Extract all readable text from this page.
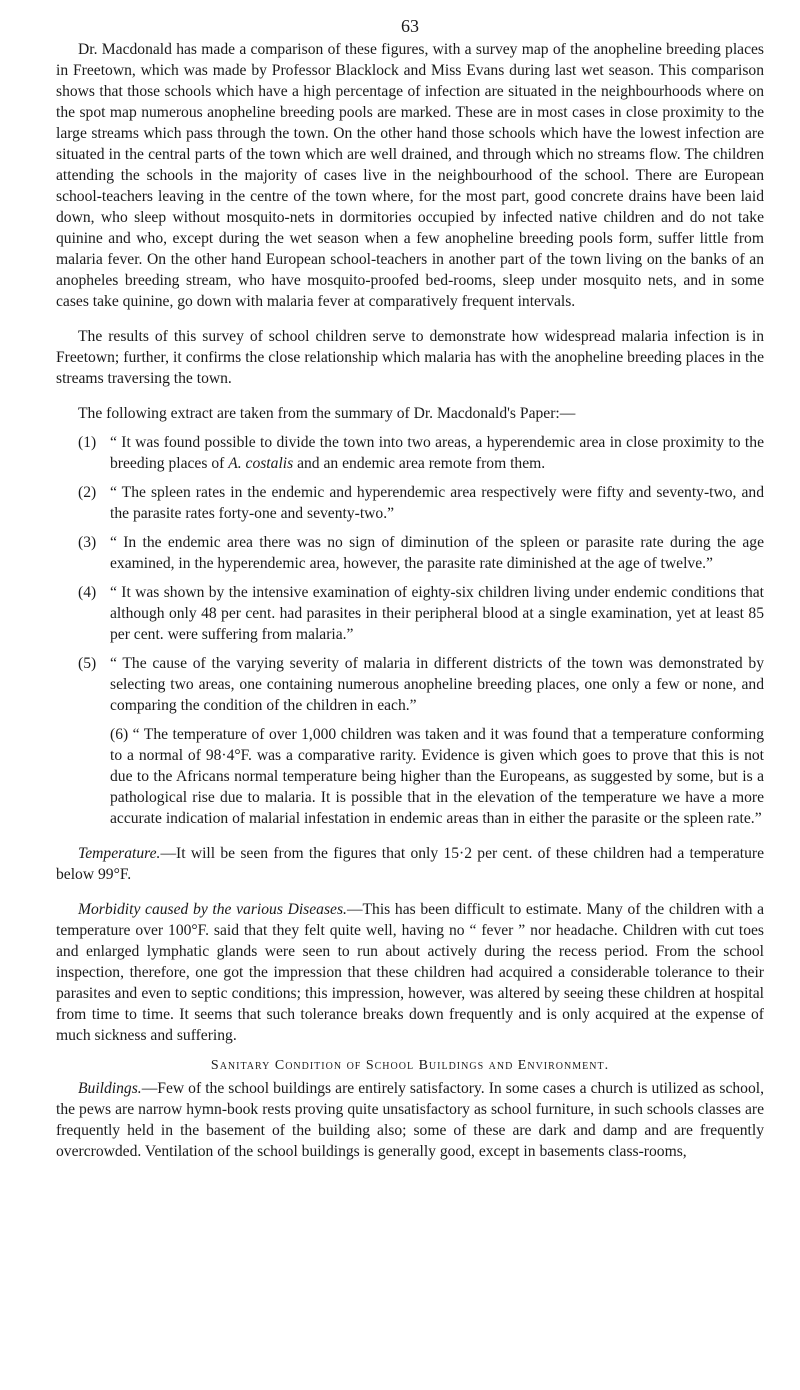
63

Dr. Macdonald has made a comparison of these figures, with a survey map of the anopheline breeding places in Freetown, which was made by Professor Blacklock and Miss Evans during last wet season. This comparison shows that those schools which have a high percentage of infection are situated in the neighbourhoods where on the spot map numerous anopheline breeding pools are marked. These are in most cases in close proximity to the large streams which pass through the town. On the other hand those schools which have the lowest infection are situated in the central parts of the town which are well drained, and through which no streams flow. The children attending the schools in the majority of cases live in the neighbourhood of the school. There are European school-teachers leaving in the centre of the town where, for the most part, good concrete drains have been laid down, who sleep without mosquito-nets in dormitories occupied by infected native children and do not take quinine and who, except during the wet season when a few anopheline breeding pools form, suffer little from malaria fever. On the other hand European school-teachers in another part of the town living on the banks of an anopheles breeding stream, who have mosquito-proofed bed-rooms, sleep under mosquito nets, and in some cases take quinine, go down with malaria fever at comparatively frequent intervals.

The results of this survey of school children serve to demonstrate how widespread malaria infection is in Freetown; further, it confirms the close relationship which malaria has with the anopheline breeding places in the streams traversing the town.

The following extract are taken from the summary of Dr. Macdonald's Paper:—

(1) “ It was found possible to divide the town into two areas, a hyperendemic area in close proximity to the breeding places of A. costalis and an endemic area remote from them.
(2) “ The spleen rates in the endemic and hyperendemic area respectively were fifty and seventy-two, and the parasite rates forty-one and seventy-two.”
(3) “ In the endemic area there was no sign of diminution of the spleen or parasite rate during the age examined, in the hyperendemic area, however, the parasite rate diminished at the age of twelve.”
(4) “ It was shown by the intensive examination of eighty-six children living under endemic conditions that although only 48 per cent. had parasites in their peripheral blood at a single examination, yet at least 85 per cent. were suffering from malaria.”
(5) “ The cause of the varying severity of malaria in different districts of the town was demonstrated by selecting two areas, one containing numerous anopheline breeding places, one only a few or none, and comparing the condition of the children in each.”

(6) “ The temperature of over 1,000 children was taken and it was found that a temperature conforming to a normal of 98·4°F. was a comparative rarity. Evidence is given which goes to prove that this is not due to the Africans normal temperature being higher than the Europeans, as suggested by some, but is a pathological rise due to malaria. It is possible that in the elevation of the temperature we have a more accurate indication of malarial infestation in endemic areas than in either the parasite or the spleen rate.”

Temperature.—It will be seen from the figures that only 15·2 per cent. of these children had a temperature below 99°F.

Morbidity caused by the various Diseases.—This has been difficult to estimate. Many of the children with a temperature over 100°F. said that they felt quite well, having no “ fever ” nor headache. Children with cut toes and enlarged lymphatic glands were seen to run about actively during the recess period. From the school inspection, therefore, one got the impression that these children had acquired a considerable tolerance to their parasites and even to septic conditions; this impression, however, was altered by seeing these children at hospital from time to time. It seems that such tolerance breaks down frequently and is only acquired at the expense of much sickness and suffering.

Sanitary Condition of School Buildings and Environment.

Buildings.—Few of the school buildings are entirely satisfactory. In some cases a church is utilized as school, the pews are narrow hymn-book rests proving quite unsatisfactory as school furniture, in such schools classes are frequently held in the basement of the building also; some of these are dark and damp and are frequently overcrowded. Ventilation of the school buildings is generally good, except in basements class-rooms,
